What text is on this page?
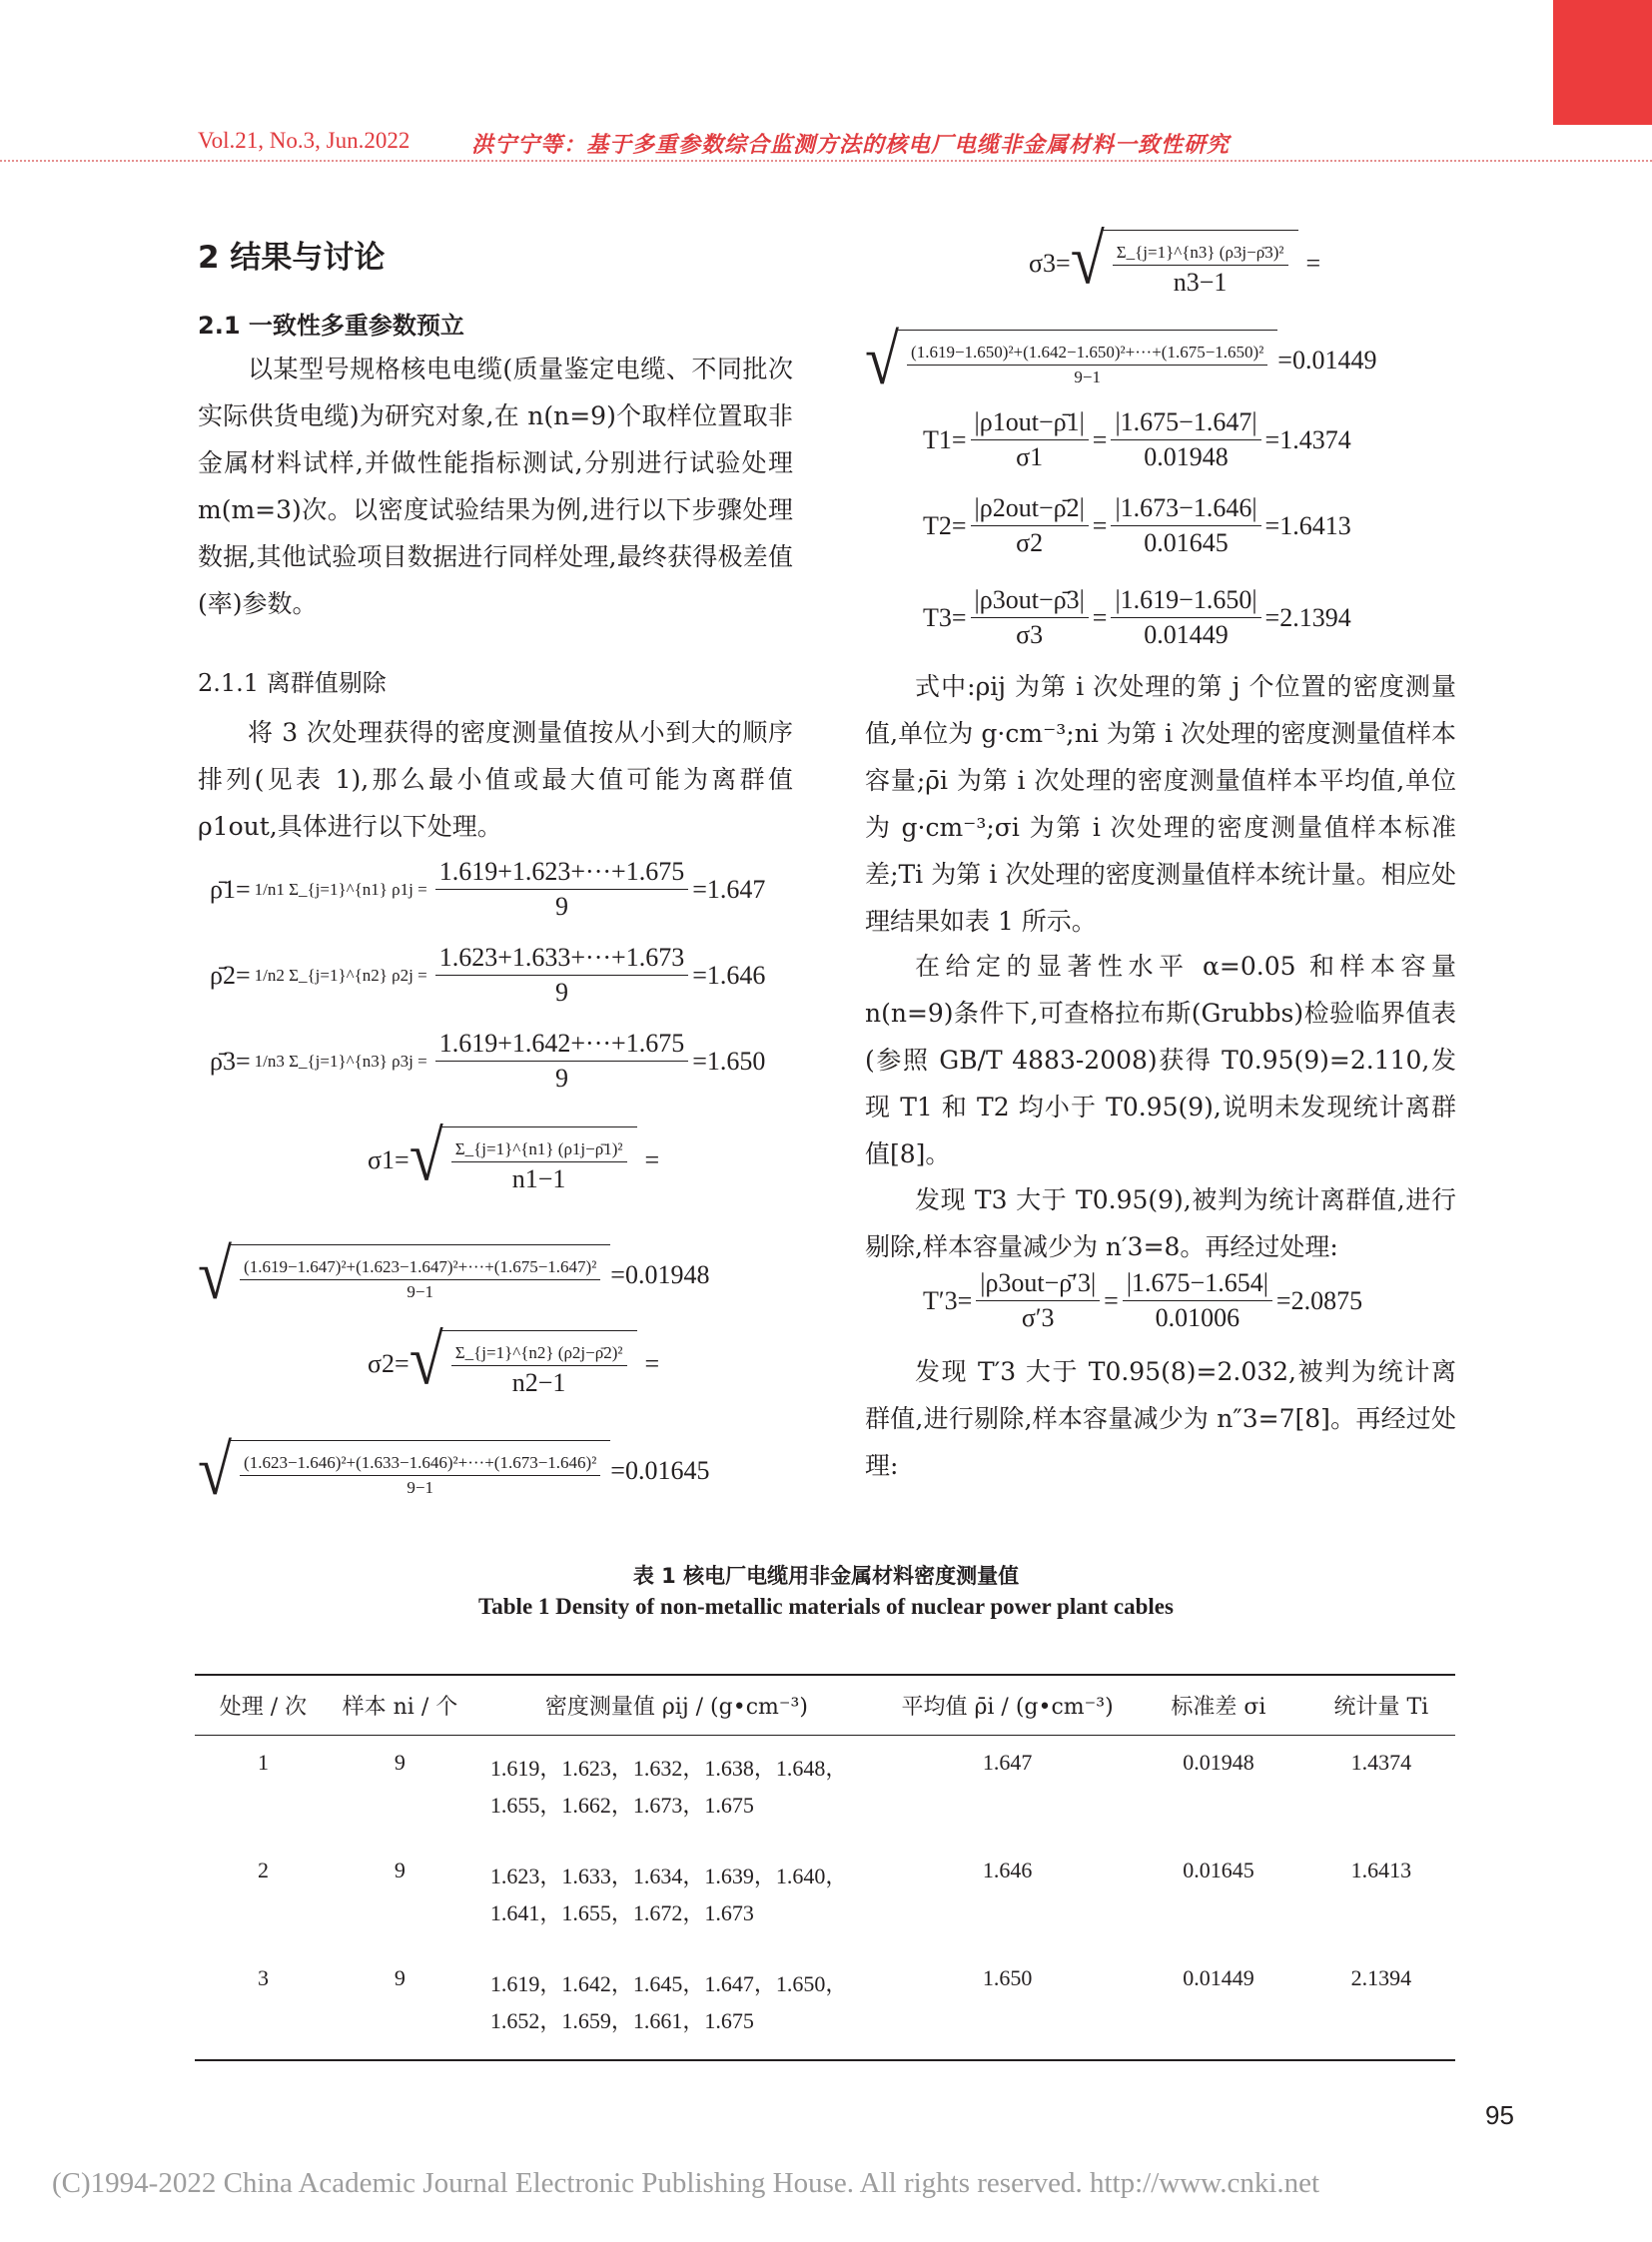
Vol.21, No.3, Jun.2022	洪宁宁等：基于多重参数综合监测方法的核电厂电缆非金属材料一致性研究
2 结果与讨论
2.1 一致性多重参数预立
以某型号规格核电电缆(质量鉴定电缆、不同批次实际供货电缆)为研究对象,在 n(n=9)个取样位置取非金属材料试样,并做性能指标测试,分别进行试验处理 m(m=3)次。以密度试验结果为例,进行以下步骤处理数据,其他试验项目数据进行同样处理,最终获得极差值(率)参数。
2.1.1 离群值剔除
将 3 次处理获得的密度测量值按从小到大的顺序排列(见表 1),那么最小值或最大值可能为离群值 ρ1out,具体进行以下处理。
ρ̄1= 1/n1 Σ_{j=1}^{n1} $\rho 1j = \frac{1.619+1.623+\cdot\cdot\cdot+1.675}{9} =1.647$
ρ̄2= 1/n2 Σ_{j=1}^{n2} $\rho 2j = \frac{1.623+1.633+\cdot\cdot\cdot+1.673}{9} =1.646$
ρ̄3= 1/n3 Σ_{j=1}^{n3} $\rho 3j = \frac{1.619+1.642+\cdot\cdot\cdot+1.675}{9} =1.650$
σ1= √ $\frac{\text{Σ\_\{j=1\}\textasciicircum{}\{n1\} (ρ1j−ρ̄1)²}}{n1-1}$ =
√ $\frac{\text{(1.619−1.647)²+(1.623−1.647)²+···+(1.675−1.647)²}}{9-1} =0.01948$
σ2= √ $\frac{\text{Σ\_\{j=1\}\textasciicircum{}\{n2\} (ρ2j−ρ̄2)²}}{n2-1}$ =
√ $\frac{\text{(1.623−1.646)²+(1.633−1.646)²+···+(1.673−1.646)²}}{9-1} =0.01645$
σ3= √ $\frac{\text{Σ\_\{j=1\}\textasciicircum{}\{n3\} (ρ3j−ρ̄3)²}}{n3-1}$ =
√ $\frac{\text{(1.619−1.650)²+(1.642−1.650)²+···+(1.675−1.650)²}}{9-1} =0.01449$
$T1= \frac{\text{|ρ1out−ρ̄1|}}{\sigma 1} = \frac{|1.675-1.647|}{0.01948} =1.4374$
$T2= \frac{\text{|ρ2out−ρ̄2|}}{\sigma 2} = \frac{|1.673-1.646|}{0.01645} =1.6413$
$T3= \frac{\text{|ρ3out−ρ̄3|}}{\sigma 3} = \frac{|1.619-1.650|}{0.01449} =2.1394$
式中:ρij 为第 i 次处理的第 j 个位置的密度测量值,单位为 g·cm⁻³;ni 为第 i 次处理的密度测量值样本容量;ρ̄i 为第 i 次处理的密度测量值样本平均值,单位为 g·cm⁻³;σi 为第 i 次处理的密度测量值样本标准差;Ti 为第 i 次处理的密度测量值样本统计量。相应处理结果如表 1 所示。
在给定的显著性水平 α=0.05 和样本容量 n(n=9)条件下,可查格拉布斯(Grubbs)检验临界值表(参照 GB/T 4883-2008)获得 T0.95(9)=2.110,发现 T1 和 T2 均小于 T0.95(9),说明未发现统计离群值[8]。
发现 T3 大于 T0.95(9),被判为统计离群值,进行剔除,样本容量减少为 n′3=8。再经过处理:
$T'3= \frac{\text{|ρ3out−ρ̄′3|}}{\sigma'3} = \frac{|1.675-1.654|}{0.01006} =2.0875$
发现 T′3 大于 T0.95(8)=2.032,被判为统计离群值,进行剔除,样本容量减少为 n″3=7[8]。再经过处理:
表 1 核电厂电缆用非金属材料密度测量值
Table 1 Density of non-metallic materials of nuclear power plant cables
处理 / 次	样本 ni / 个	密度测量值 ρij / (g•cm⁻³)	平均值 ρ̄i / (g•cm⁻³)	标准差 σi	统计量 Ti
1	9	1.619，1.623，1.632，1.638，1.648，
1.655，1.662，1.673，1.675	1.647	0.01948	1.4374
2	9	1.623，1.633，1.634，1.639，1.640，
1.641，1.655，1.672，1.673	1.646	0.01645	1.6413
3	9	1.619，1.642，1.645，1.647，1.650，
1.652，1.659，1.661，1.675	1.650	0.01449	2.1394
95
(C)1994-2022 China Academic Journal Electronic Publishing House. All rights reserved. http://www.cnki.net
